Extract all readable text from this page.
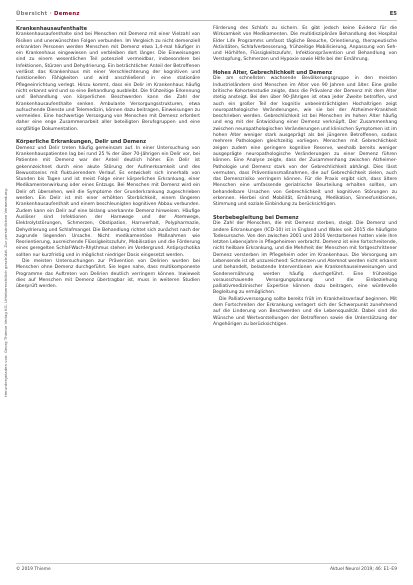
Heruntergeladen von: Georg Thieme Verlag KG. Urheberrechtlich geschützt. Zur persönlichen Verwendung.
Übersicht · Demenz	E5
Krankenhausaufenthalte

Krankenhausaufenthalte sind bei Menschen mit Demenz mit einer Vielzahl von Risiken und unerwünschten Folgen verbunden. Im Vergleich zu nicht demenziell erkrankten Personen werden Menschen mit Demenz etwa 1,4-mal häufiger in ein Krankenhaus eingewiesen und verbleiben dort länger. Die Einweisungen sind zu einem wesentlichen Teil potenziell vermeidbar, insbesondere bei Infektionen, Stürzen und Dehydrierung. Ein beträchtlicher Anteil der Betroffenen verlässt das Krankenhaus mit einer Verschlechterung der kognitiven und funktionellen Fähigkeiten und wird anschließend in eine stationäre Pflegeeinrichtung verlegt. Hinzu kommt, dass ein Delir im Krankenhaus häufig nicht erkannt wird und so eine Behandlung ausbleibt. Die frühzeitige Erkennung und Behandlung von körperlichen Beschwerden kann die Zahl der Krankenhausaufenthalte senken. Ambulante Versorgungsstrukturen, etwa aufsuchende Dienste und Telemedizin, können dazu beitragen, Einweisungen zu vermeiden. Eine hochwertige Versorgung von Menschen mit Demenz erfordert daher eine enge Zusammenarbeit aller beteiligten Berufsgruppen und eine sorgfältige Dokumentation.

Körperliche Erkrankungen, Delir und Demenz

Demenz und Delir treten häufig gemeinsam auf. In einer Untersuchung von Krankenhauspatienten lag bei rund 25 % der über 70-Jährigen ein Delir vor, bei Patienten mit Demenz war der Anteil deutlich höher. Ein Delir ist gekennzeichnet durch eine akute Störung der Aufmerksamkeit und des Bewusstseins mit fluktuierendem Verlauf. Es entwickelt sich innerhalb von Stunden bis Tagen und ist meist Folge einer körperlichen Erkrankung, einer Medikamentenwirkung oder eines Entzugs. Bei Menschen mit Demenz wird ein Delir oft übersehen, weil die Symptome der Grunderkrankung zugeschrieben werden. Ein Delir ist mit einer erhöhten Sterblichkeit, einem längeren Krankenhausaufenthalt und einem beschleunigten kognitiven Abbau verbunden. Zudem kann ein Delir auf eine bislang unerkannte Demenz hinweisen. Häufige Auslöser sind Infektionen der Harnwege und der Atemwege, Elektrolytstörungen, Schmerzen, Obstipation, Harnverhalt, Polypharmazie, Dehydrierung und Schlafmangel. Die Behandlung richtet sich zunächst nach der zugrunde liegenden Ursache. Nicht medikamentöse Maßnahmen wie Reorientierung, ausreichende Flüssigkeitszufuhr, Mobilisation und die Förderung eines geregelten Schlaf-Wach-Rhythmus stehen im Vordergrund. Antipsychotika sollten nur kurzfristig und in möglichst niedriger Dosis eingesetzt werden.

Die meisten Untersuchungen zur Prävention von Delirien wurden bei Menschen ohne Demenz durchgeführt. Sie legen nahe, dass multikomponente Programme das Auftreten von Delirien deutlich verringern können. Inwieweit dies auf Menschen mit Demenz übertragbar ist, muss in weiteren Studien überprüft werden.

Förderung des Schlafs zu sichern. Es gibt jedoch keine Evidenz für die Wirksamkeit von Medikamenten. Die multidisziplinäre Behandlung des Hospital Elder Life Programms umfasst tägliche Besuche, Orientierung, therapeutische Aktivitäten, Schlafverbesserung, frühzeitige Mobilisierung, Anpassung von Seh- und Hörhilfen, Flüssigkeitszufuhr, Infektionsprävention und Behandlung von Verstopfung, Schmerzen und Hypoxie sowie Hilfe bei der Ernährung.

Hohes Alter, Gebrechlichkeit und Demenz

Die am schnellsten wachsende Bevölkerungsgruppe in den meisten Industrieländern sind Menschen im Alter von 90 Jahren und älter. Eine große britische Kohortenstudie zeigte, dass die Prävalenz der Demenz mit dem Alter stetig ansteigt. Bei den über 90-Jährigen ist etwa jeder Zweite betroffen, und auch ein großer Teil der kognitiv unbeeinträchtigten Hochaltrigen zeigt neuropathologische Veränderungen, wie sie bei der Alzheimer-Krankheit beschrieben werden. Gebrechlichkeit ist bei Menschen im hohen Alter häufig und eng mit der Entwicklung einer Demenz verknüpft. Der Zusammenhang zwischen neuropathologischen Veränderungen und klinischen Symptomen ist im hohen Alter weniger stark ausgeprägt als bei jüngeren Betroffenen, sodass mehrere Pathologien gleichzeitig vorliegen. Menschen mit Gebrechlichkeit zeigen zudem eine geringere kognitive Reserve, weshalb bereits weniger ausgeprägte neuropathologische Veränderungen zu einer Demenz führen können. Eine Analyse zeigte, dass der Zusammenhang zwischen Alzheimer-Pathologie und Demenz stark von der Gebrechlichkeit abhängt. Dies lässt vermuten, dass Präventionsmaßnahmen, die auf Gebrechlichkeit zielen, auch das Demenzrisiko verringern können. Für die Praxis ergibt sich, dass ältere Menschen eine umfassende geriatrische Beurteilung erhalten sollten, um behandelbare Ursachen von Gebrechlichkeit und kognitiven Störungen zu erkennen. Hierbei sind Mobilität, Ernährung, Medikation, Sinnesfunktionen, Stimmung und soziale Einbindung zu berücksichtigen.

Sterbebegleitung bei Demenz

Die Zahl der Menschen, die mit Demenz sterben, steigt. Die Demenz und andere Erkrankungen (ICD-10) ist in England und Wales seit 2015 die häufigste Todesursache. Von den zwischen 2001 und 2016 Verstorbenen hatten viele ihre letzten Lebensjahre in Pflegeheimen verbracht. Demenz ist eine fortschreitende, nicht heilbare Erkrankung, und die Mehrheit der Menschen mit fortgeschrittener Demenz versterben im Pflegeheim oder im Krankenhaus. Die Versorgung am Lebensende ist oft unzureichend: Schmerzen und Atemnot werden nicht erkannt und behandelt, belastende Interventionen wie Krankenhauseinweisungen und Sondenernährung werden häufig durchgeführt. Eine frühzeitige vorausschauende Versorgungsplanung und die Einbeziehung palliativmedizinischer Expertise können dazu beitragen, eine würdevolle Begleitung zu ermöglichen.

Die Palliativversorgung sollte bereits früh im Krankheitsverlauf beginnen. Mit dem Fortschreiten der Erkrankung verlagert sich der Schwerpunkt zunehmend auf die Linderung von Beschwerden und die Lebensqualität. Dabei sind die Wünsche und Wertvorstellungen der Betroffenen sowie die Unterstützung der Angehörigen zu berücksichtigen.

© 2019 Thieme	Aktuel Neurol 2019; 46: E1–E9
